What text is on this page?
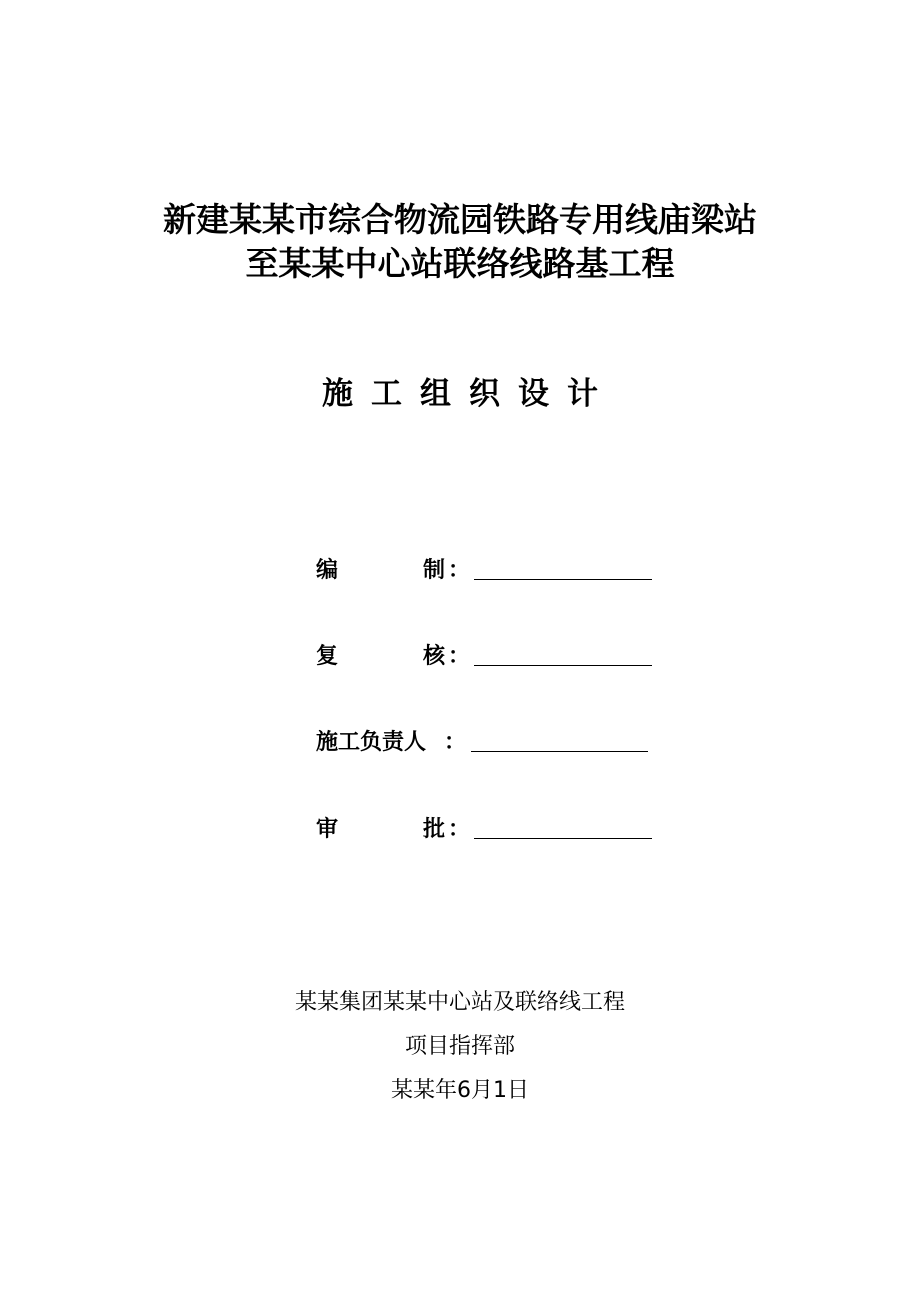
新建某某市综合物流园铁路专用线庙梁站
至某某中心站联络线路基工程
施工组织设计
编	制 ：
复	核 ：
施工负责人 ：
审	批 ：

某某集团某某中心站及联络线工程

项目指挥部

某某年6月1日
